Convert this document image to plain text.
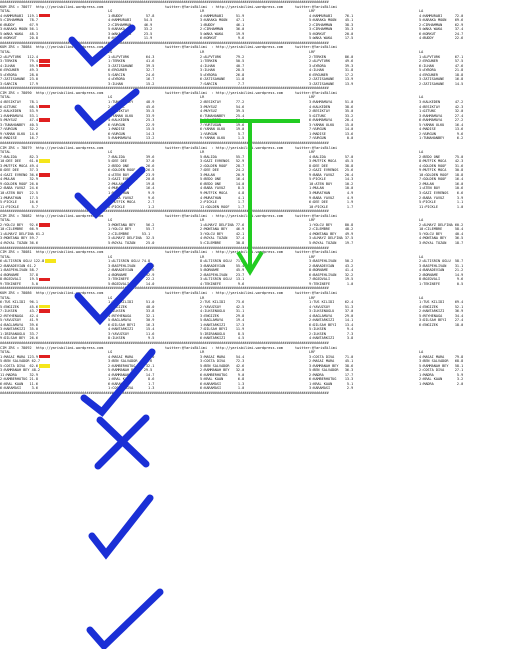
############################################################################################################################################################
KUM ZRS = 78077  http://yarisbilimi.wordpress.com	twitter:@YarisBilimi  : http://yarisbilimi.wordpress.com	twitter:@YarisBilimi
TOTAL	LG	LR	LRF	LA
4:HAMMURABI  119.1	1:BUDDY           57.8	4:HAMMURABI      51.9	4:HAMMURABI      76.1	4:HAMMURABI      72.0
5:CIRHAMMAN   78.7	4:HAMMURABI      54.5	3:KARAKA MOON    47.1	5:KARAKA MOON    45.1	5:KARAKA MOON    69.6
6:BUDDY       67.9	2:CIRHAMMAN      46.9	1:BUDDY          46.1	2:CIRHAMMAN      38.3	2:CIRHAMMAN      62.9
3:KARAKA MOON 56.1	5:KARAKA MOON    33.2	2:CIRHAMMAN      36.0	3:CIRHAMMAN      35.3	5:WAKA WAKA      37.4
5:WAKA WAKA   48.3	3:WAKA WAKA      23.5	5:WAKA WAKA      19.9	5:KORKUT         20.0	6:KORKUT         24.7
6:KORKUT      20.8	6:KORKUT         11.9	6:KORKUT          9.6	5:WAKA WAKA      17.5	4:BUDDY          22.6
############################################################################################################################################################
KUM ZRS = 78084  http://yarisbilimi.wordpress.com	twitter:@YarisBilimi  : http://yarisbilimi.wordpress.com	twitter:@YarisBilimi
TOTAL	LG	LR	LRF	LA
2:ALPVTURK   112.4	1:ALPVTURK        64.3	2:ALPVTURK       79.2	2:TERKEN         86.0	1:ALPVTURK       67.1
3:TERKEN      79.4	1:TERKEN          41.6	1:TERKEN         50.5	2:ALPVTURK       49.6	2:ERGUNER        57.5
4:ILHAN       59.9	3:ZATISAHANE      39.5	4:ILHAN          40.7	3:AYBORA         39.3	6:ILHAN          47.6
6:ERGUNER     49.3	6:ERGUNER         32.7	3:ILHAN          28.5	4:ILHAN          31.8	5:AYBORA         21.8
5:AYBORA      28.0	5:SARCIN          24.6	5:AYBORA         26.8	6:ERGUNER        17.2	4:ERGUNER        18.8
7:ZATISAHANE  23.0	4:AYBORA          16.7	6:ZATISAHANE     11.8	2:ZATISAHANE     13.9	3:ZATISAHANE     16.8
3:SARCIN      17.9	3:ILHAN           15.2	7:SARCIN          7.7	3:ZATISAHANE     13.9	2:ZATISAHANE     14.5
############################################################################################################################################################
CIM ZRS = 78090  http://yarisbilimi.wordpress.com	twitter:@YarisBilimi  : http://yarisbilimi.wordpress.com	twitter:@YarisBilimi
TOTAL	LG	LR	LRF	LA
4:BESIKTAY    78.1	1:TUNAHANBEY      48.9	2:BESIKTAY       77.2	3:RAHMAMAYA      51.0	3:KALKEDEN       47.2
6:OZTUNC      68.5	2:OZTUNC          45.6	3:MUYSUZ         54.6	4:KALKEDEN       38.6	4:BESIKTAY       42.3
2:KALKEDEN    53.9	3:BESIKTAY        35.5	4:MUYSUZ         39.5	2:BESIKTAY       35.0	1:OZTUNC         32.0
1:RAHMAMAYA   53.1	5:YAMAN ULKU      33.9	6:TUNAHANBEY     25.4	5:OZTUNC         33.2	3:RAHMAMAYA      27.4
5:MUYSUZ      47.4	4:KALKEDEN        25.3	5:KALKEDEN       24.4	6:RAHMAMAYA      20.4	6:RAHMAMAYA      27.2
3:TUNAHANBEY  40.5	6:VURGUN          22.9	7:YURTUGAN       19.6	3:YAMAN ULKU     15.0	5:YAMAN ULKU     16.4
7:VURGUN      32.2	1:MADISE          15.5	6:YAMAN ULKU     19.0	7:VURGUN         14.0	4:MADISE         13.6
9:YAMAN ULKU  14.6	6:VURGUN          14.3	1:VURGUN          5.7	1:MADISE         13.6	2:VURGUN          9.6
6:MADISE      16.7	5:RAHMAMAYA       13.2	9:YAMAN ULKU      1.5	7:VURGUN          0.0	1:TUNAHANBEY      6.2
############################################################################################################################################################
CIM ZRS = 78079  http://yarisbilimi.wordpress.com	twitter:@YarisBilimi  : http://yarisbilimi.wordpress.com	twitter:@YarisBilimi
TOTAL	LG	LR	LRF	LA
7:BALIDA      82.3	7:BALIDA          39.6	5:BALIDA         55.7	4:BALIDA         57.0	2:BEDO ONE       75.0
10:DEE DEE    61.0	5:DEE DEE         37.0	3:GAZI EVRENOS   52.9	3:MUTFIK MOCA    45.5	8:MUTFIK MOCA    42.3
3:MUTFIK MOCA 49.4	2:BEDO ONE        26.6	2:GOLDEN ROOF    28.7	8:DEE DEE        38.8	4:GOLDEN ROOF    31.6
8:DEE DEE     37.3	6:GOLDEN ROOF     26.5	7:DEE DEE        24.2	2:GAZI EVRENOS   25.6	9:MUTFIK MOCA    30.8
4:GAZI EVRENO 36.6	4:ATEN BOY        23.9	3:MULAN          20.9	9:BABA YAVUZ     20.4	10:GOLDEN ROOF   18.8
4:MULAN       32.9	3:GAZI EVRENOS    20.8	5:BEDO ONE       16.4	5:PICKLE         14.3	7:GOLDEN ROOF    16.4
9:GOLDEN ROOF 26.0	2:MULAN           19.8	6:BEDO ONE       14.0	10:ATEN BOY      10.2	2:MULAN          16.0
2:BABA YAVUZ  24.6	4:MURATHAN        16.4	4:BABA YAVUZ      8.5	1:MULAN          10.0	1:ATEN BOY       10.6
10:ATEN BOY   22.5	1:MURATHAN         9.9	9:MUTFIK MOCA     4.8	3:MURATHAN        4.9	3:GAZI EVRENOS    6.6
1:MURATHAN    17.5	9:BABA YAVUZ       9.6	4:MURATHAN        4.1	9:BABA YAVUZ      4.9	2:BABA YAVUZ      3.9
5:PICKLE      16.6	5:MUTFIK MOCA      2.7	2:PICKLE          1.7	6:DEE DEE         1.9	5:PICKLE          1.1
11:PICKLE      5.7	6:PICKLE           1.2	11:GOLDEN ROOF    1.7	10:PICKLE         1.7	11:PICKLE         1.0
############################################################################################################################################################
CIM ZRS = 78082  http://yarisbilimi.wordpress.com	twitter:@YarisBilimi  : http://yarisbilimi.wordpress.com	twitter:@YarisBilimi
TOTAL	LG	LR	LRF	LA
2:YOLCU BEY   92.6	3:MONTANA BEY     56.2	1:ALMAYZ DELFINA 77.6	1:YOLCU BEY      80.8	2:ALMAYZ DELFINA 60.2
10:CILEMBRE   66.9	1:YOLCU BEY       55.7	2:MONTANA BEY    46.9	2:CILEMBRE       48.2	10:CILEMBRE      58.4
1:ALMAYZ DELFINA 61.2	2:CILEMBRE      53.1	3:YOLCU BEY      42.1	4:MONTANA BEY    49.9	5:YOLCU BEY      40.4
3:MONTANA BEY 59.7	3:ALMAYZ DELFINA  32.5	4:ROYAL TOZAN    37.4	3:ALMAYZ DELFINA 37.5	4:MONTANA BEY    36.5
4:ROYAL TOZAN 36.6	5:ROYAL TOZAN     25.0	5:CILEMBRE       30.8	5:ROYAL TOZAN    19.7	3:ROYAL TOZAN    18.7
############################################################################################################################################################
CIM ZRS = 78081  http://yarisbilimi.wordpress.com	twitter:@YarisBilimi  : http://yarisbilimi.wordpress.com	twitter:@YarisBilimi
TOTAL	LG	LR	LRF	LA
6:ALTISRIN OGLU 122.8	1:ALTISRIN OGLU 74.8	8:ALTISRIN OGLU  71.6	3:BASPEHLIVAN    50.2	2:ALTISRIN OGLU  58.7
2:BARADEVIAN 61.2	3:BASPEHLIVAN     46.6	3:BARADEVIAN     55.4	2:BARADEVIAN     43.2	3:BASPEHLIVAN    31.1
1:BASPEHLIVAN 58.7	2:BARADEVIAN      36.6	5:BORNAME        45.9	8:BORNAME        41.4	4:BARADEVIAN     21.2
4:BORNAME     37.8	4:BORNAME         32.9	2:BASPEHLIVAN    23.7	6:BASPEHLIVAN    32.2	2:BORNAME        14.9
8:BOZOVALI    19.5	3:TEKINEFE        22.2	3:ALTISRIN OGLU  13.1	7:BOZOVALI       19.5	8:BOZOVALI        9.6
9:TEKINEFE     5.0	5:BOZOVALI        14.0	4:TEKINEFE        9.6	9:TEKINEFE        1.0	1:TEKINEFE        0.5
############################################################################################################################################################
KUM ZRS = 78086  http://yarisbilimi.wordpress.com	twitter:@YarisBilimi  : http://yarisbilimi.wordpress.com	twitter:@YarisBilimi
TOTAL	LG	LR	LRF	LA
6:TUS KILIDI  96.1	1:TUS KILIDI      51.0	2:TUS KILIDI     73.6	1:TUS KILIDI     62.4	1:TUS KILIDI     69.4
5:ENGIZEK     45.6	2:ENGIZEK         48.0	2:YAVUZSOY       42.5	4:YAVUZSOY       51.3	4:ENGIZEK        52.1
7:ILKSEN      43.7	3:ILKSEN          33.8	4:ILKSENOGLU     31.1	3:ILKSENOGLU     37.0	2:HANTARKIZI     36.9
2:REYHENAGA   42.4	4:REYHENAGA       32.1	3:ENGIZEK        29.8	4:BAGLAMAYA      29.0	5:REYHENAGA      34.4
5:YAVUZSOY    41.9	5:BAGLAMAYA       30.9	5:BAGLAMAYA      19.4	2:HANTARKIZI     14.1	3:DILSAH BEYI    27.4
4:BAGLAMAYA   39.6	6:DILSAH BEYI     16.3	1:HANTARKIZI     17.3	6:DILSAH BEYI    13.4	6:ENGIZEK        18.0
3:HANTARKIZI  35.0	4:HANTARKIZI      15.4	7:DILSAH BEYI    11.9	5:ILKSEN          9.4
1:IBIRANOGLU  33.7	3:YAVUZSOY        11.6	5:IBIRANOGLU      8.5	2:ILKSEN          7.3
9:DILSAH BEY  26.6	8:ILKSEN           9.5	6:HANTARKIZI      4.5	4:HANTARKIZI      3.8
############################################################################################################################################################
CIM ZRS = 78092  http://yarisbilimi.wordpress.com	twitter:@YarisBilimi  : http://yarisbilimi.wordpress.com	twitter:@YarisBilimi
TOTAL	LG	LR	LRF	LA
1:MASAI MARA 123.9	4:MASAI MARA      75.0	3:MASAI MARA     54.4	3:COSTA DIVA     71.0	4:MASAI MARA     79.8
5:BEN SALVADOR 62.7	3:BEN SALVADOR   60.6	3:COSTA DIVA     72.3	2:MASAI MARA     45.1	3:BEN SALVADOR   68.8
5:COSTA DIVA  62.6	2:KAMBERHOTUG     32.1	5:BEN SALVADOR   42.6	3:RAMMANAH BEY   38.6	5:RAMMANAH BEY   58.1
3:RAMMANAH BEY 48.2	5:RAMMANAH BEY   29.5	2:RAMMANAH BEY   32.0	5:BEN SALVADOR   36.3	2:COSTA DIVA     27.1
11:MADRA      32.9	4:RAMMANAH BEY    14.7	6:KAMBERHOTUG     9.0	2:MADRA          17.7	1:MADRA           5.9
2:KAMBERHOTUG 21.8	1:KRAL KAAN        8.6	5:KRAL KAAN       6.8	6:KAMBERHOTUG    13.3	2:KRAL KAAN       3.2
6:KRAL KAAN   11.6	6:KARAMASI         1.7	6:KARAMASI        1.3	1:KRAL KAAN       5.1	1:MADRA           2.0
6:KARAMASI     3.6	1:COSTA DIVA       1.3	6:KARAMASI        1.0	3:KARAMASI        2.9
############################################################################################################################################################
